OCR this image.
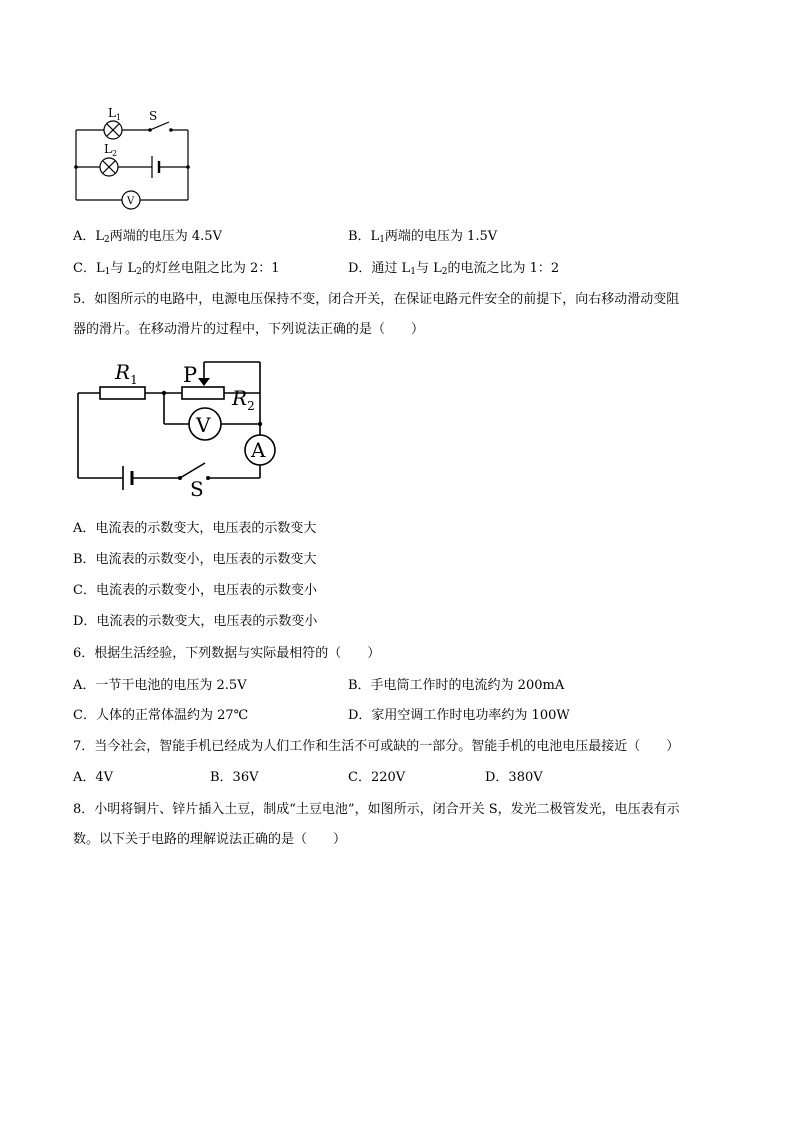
$L_1$ S
$L_2$
V
A．$L_2$两端的电压为 4.5V	B．$L_1$两端的电压为 1.5V
C．$L_1$与 $L_2$的灯丝电阻之比为 2：1	D．通过 $L_1$与 $L_2$的电流之比为 1：2
5．如图所示的电路中，电源电压保持不变，闭合开关，在保证电路元件安全的前提下，向右移动滑动变阻
器的滑片。在移动滑片的过程中，下列说法正确的是（　　）
$R_1$ P
$R_2$
V
A
S
A．电流表的示数变大，电压表的示数变大
B．电流表的示数变小，电压表的示数变大
C．电流表的示数变小，电压表的示数变小
D．电流表的示数变大，电压表的示数变小
6．根据生活经验，下列数据与实际最相符的（　　）
A．一节干电池的电压为 2.5V	B．手电筒工作时的电流约为 200mA
C．人体的正常体温约为 27℃	D．家用空调工作时电功率约为 100W
7．当今社会，智能手机已经成为人们工作和生活不可或缺的一部分。智能手机的电池电压最接近（　　）
A．4V	B．36V	C．220V	D．380V
8．小明将铜片、锌片插入土豆，制成“土豆电池”，如图所示，闭合开关 S，发光二极管发光，电压表有示
数。以下关于电路的理解说法正确的是（　　）
